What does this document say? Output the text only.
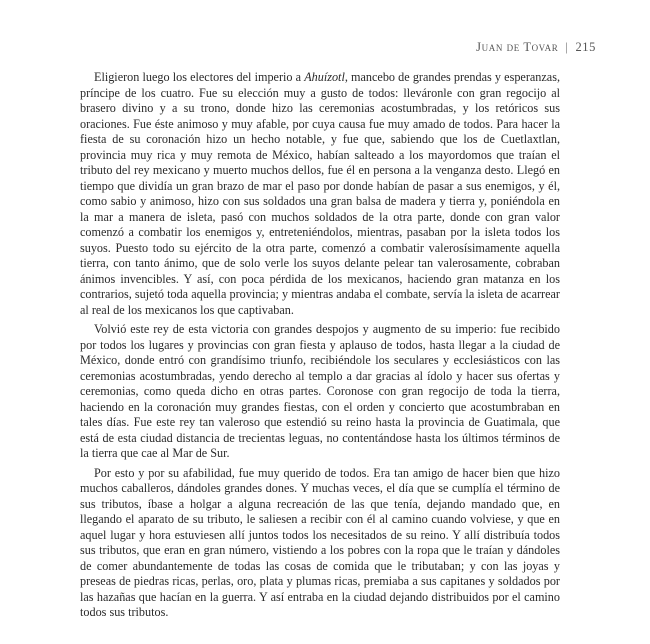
Juan de Tovar | 215

Eligieron luego los electores del imperio a Ahuízotl, mancebo de grandes prendas y esperanzas, príncipe de los cuatro. Fue su elección muy a gusto de todos: lleváronle con gran regocijo al brasero divino y a su trono, donde hizo las ceremonias acostumbradas, y los retóricos sus oraciones. Fue éste animoso y muy afable, por cuya causa fue muy amado de todos. Para hacer la fiesta de su coronación hizo un hecho notable, y fue que, sabiendo que los de Cuetlaxtlan, provincia muy rica y muy remota de México, habían salteado a los mayordomos que traían el tributo del rey mexicano y muerto muchos dellos, fue él en persona a la venganza desto. Llegó en tiempo que dividía un gran brazo de mar el paso por donde habían de pasar a sus enemigos, y él, como sabio y animoso, hizo con sus soldados una gran balsa de madera y tierra y, poniéndola en la mar a manera de isleta, pasó con muchos soldados de la otra parte, donde con gran valor comenzó a combatir los enemigos y, entreteniéndolos, mientras, pasaban por la isleta todos los suyos. Puesto todo su ejército de la otra parte, comenzó a combatir valerosísimamente aquella tierra, con tanto ánimo, que de solo verle los suyos delante pelear tan valerosamente, cobraban ánimos invencibles. Y así, con poca pérdida de los mexicanos, haciendo gran matanza en los contrarios, sujetó toda aquella provincia; y mientras andaba el combate, servía la isleta de acarrear al real de los mexicanos los que captivaban.

Volvió este rey de esta victoria con grandes despojos y augmento de su imperio: fue recibido por todos los lugares y provincias con gran fiesta y aplauso de todos, hasta llegar a la ciudad de México, donde entró con grandísimo triunfo, recibiéndole los seculares y ecclesiásticos con las ceremonias acostumbradas, yendo derecho al templo a dar gracias al ídolo y hacer sus ofertas y ceremonias, como queda dicho en otras partes. Coronose con gran regocijo de toda la tierra, haciendo en la coronación muy grandes fiestas, con el orden y concierto que acostumbraban en tales días. Fue este rey tan valeroso que estendió su reino hasta la provincia de Guatimala, que está de esta ciudad distancia de trecientas leguas, no contentándose hasta los últimos términos de la tierra que cae al Mar de Sur.

Por esto y por su afabilidad, fue muy querido de todos. Era tan amigo de hacer bien que hizo muchos caballeros, dándoles grandes dones. Y muchas veces, el día que se cumplía el término de sus tributos, íbase a holgar a alguna recreación de las que tenía, dejando mandado que, en llegando el aparato de su tributo, le saliesen a recibir con él al camino cuando volviese, y que en aquel lugar y hora estuviesen allí juntos todos los necesitados de su reino. Y allí distribuía todos sus tributos, que eran en gran número, vistiendo a los pobres con la ropa que le traían y dándoles de comer abundantemente de todas las cosas de comida que le tributaban; y con las joyas y preseas de piedras ricas, perlas, oro, plata y plumas ricas, premiaba a sus capitanes y soldados por las hazañas que hacían en la guerra. Y así entraba en la ciudad dejando distribuidos por el camino todos sus tributos.
